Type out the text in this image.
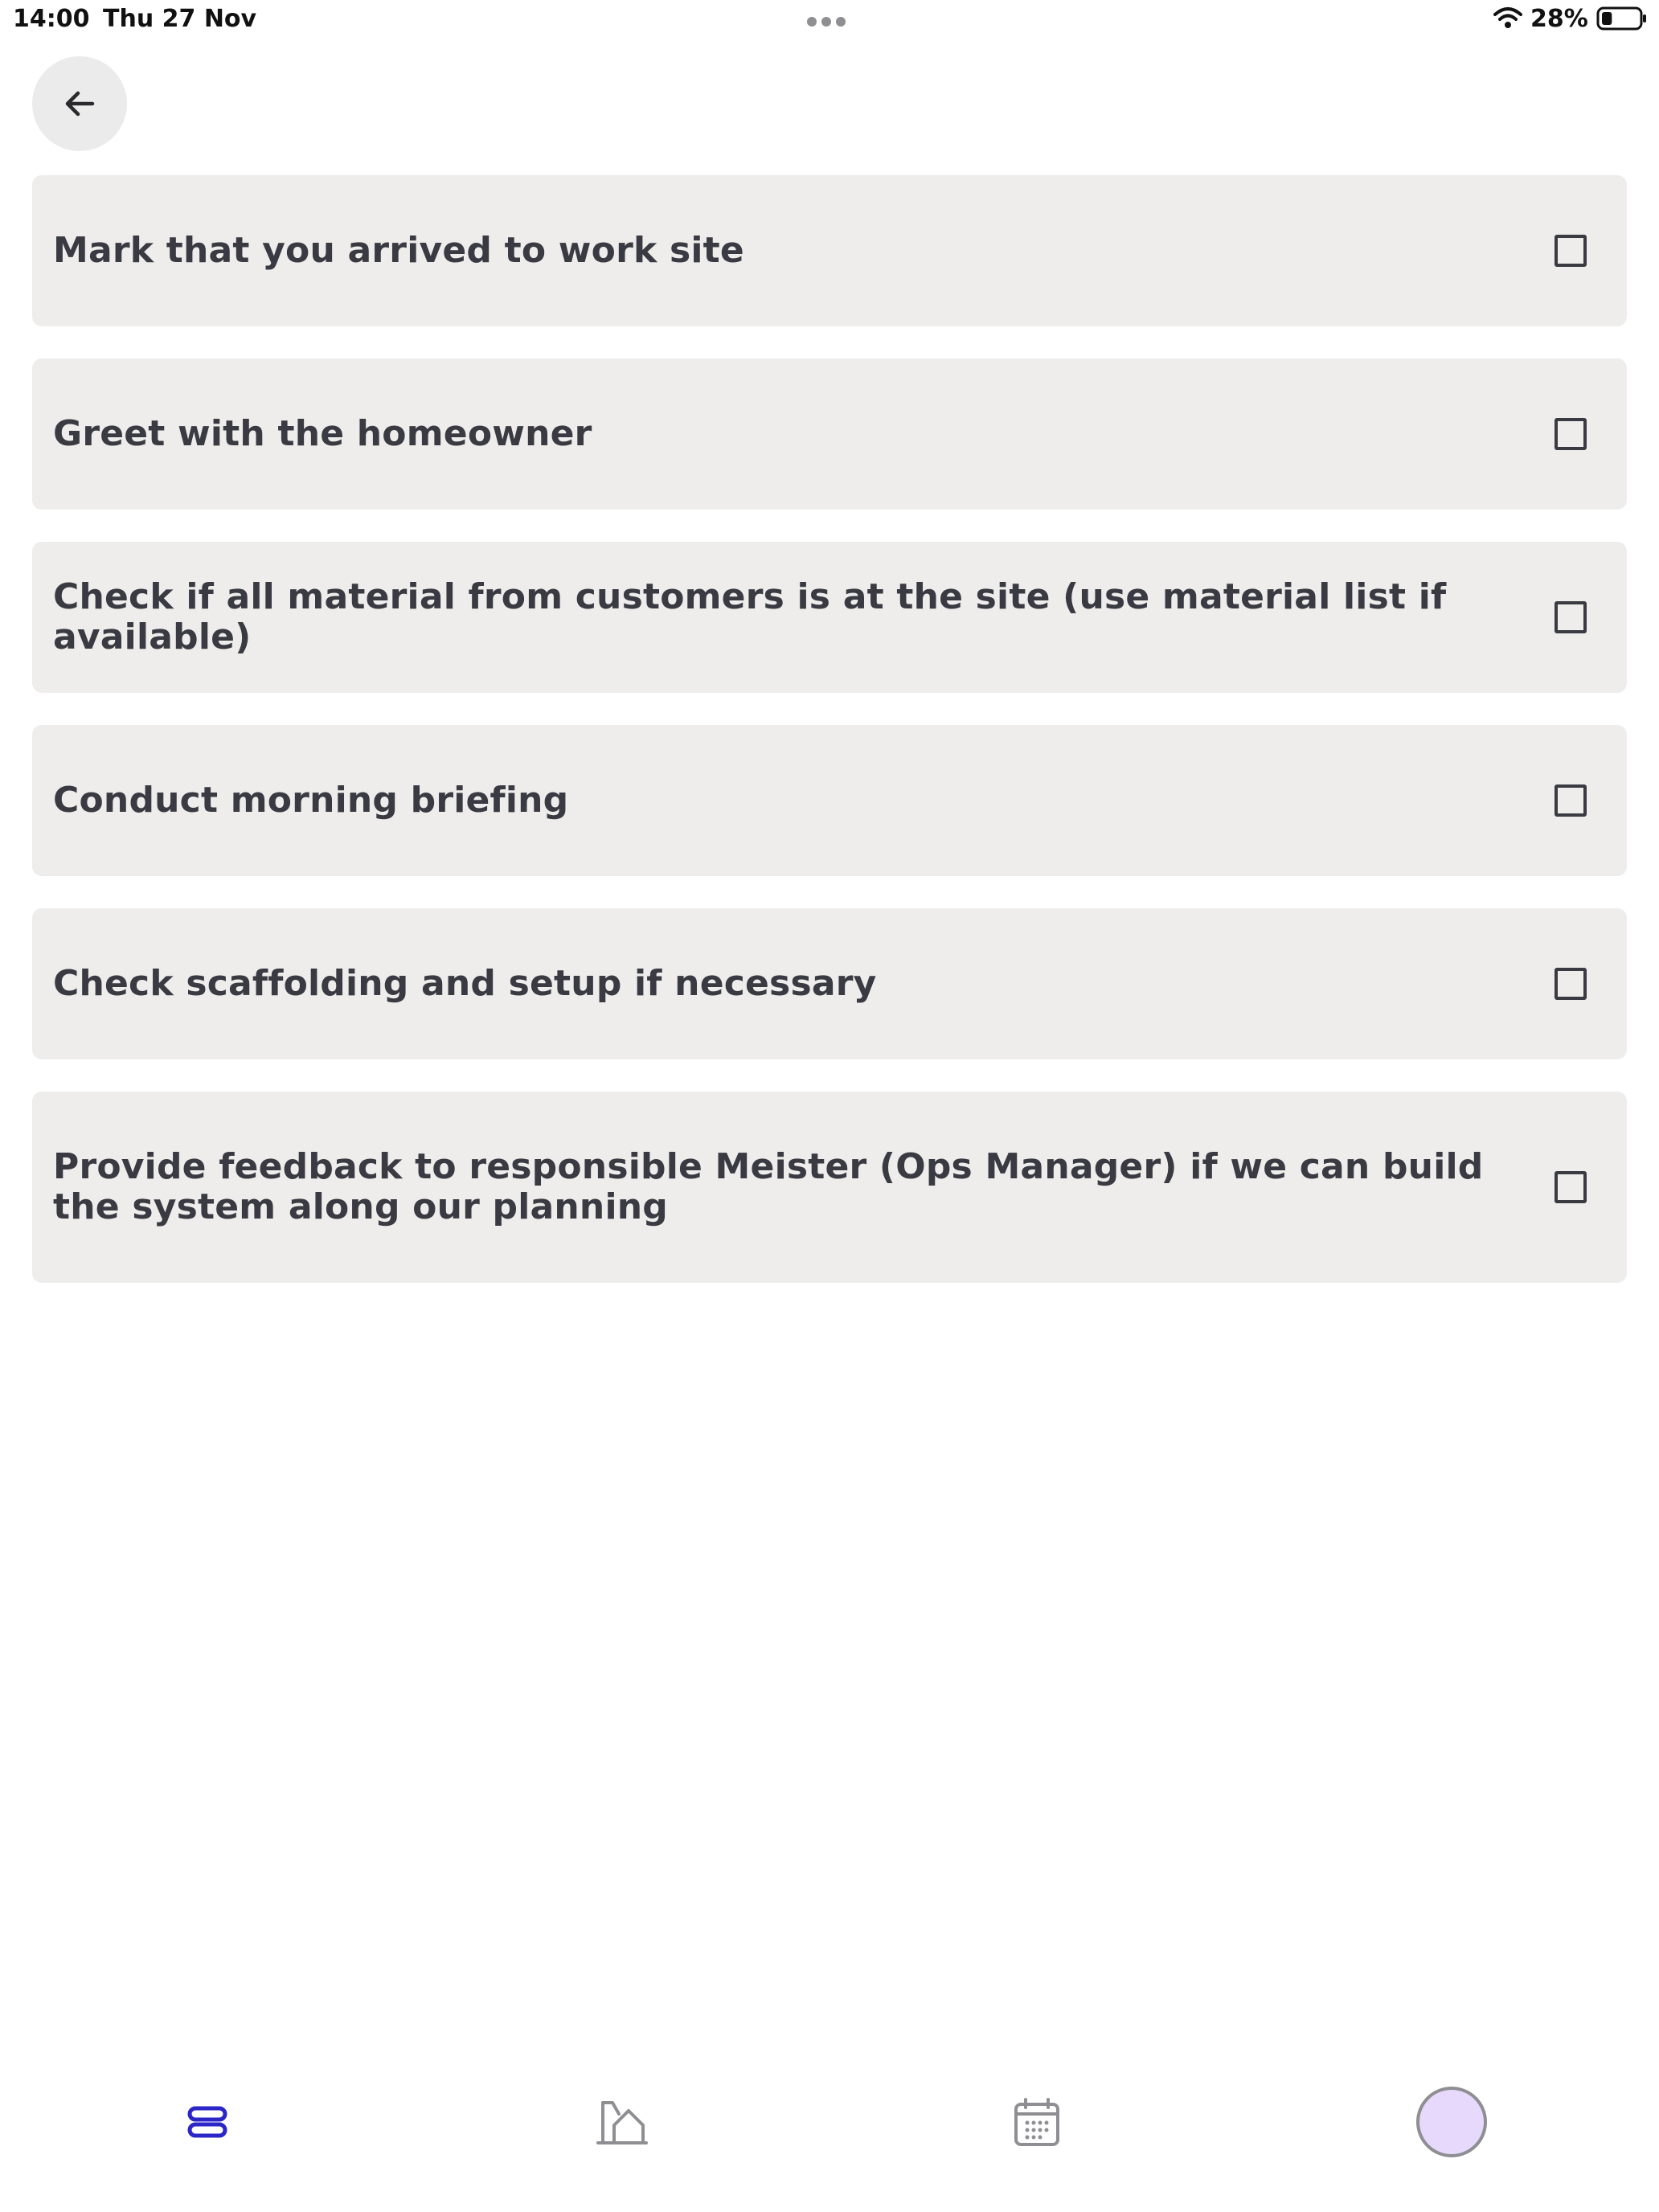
14:00 Thu 27 Nov	28%
Mark that you arrived to work site
Greet with the homeowner
Check if all material from customers is at the site (use material list if available)
Conduct morning briefing
Check scaffolding and setup if necessary
Provide feedback to responsible Meister (Ops Manager) if we can build the system along our planning
